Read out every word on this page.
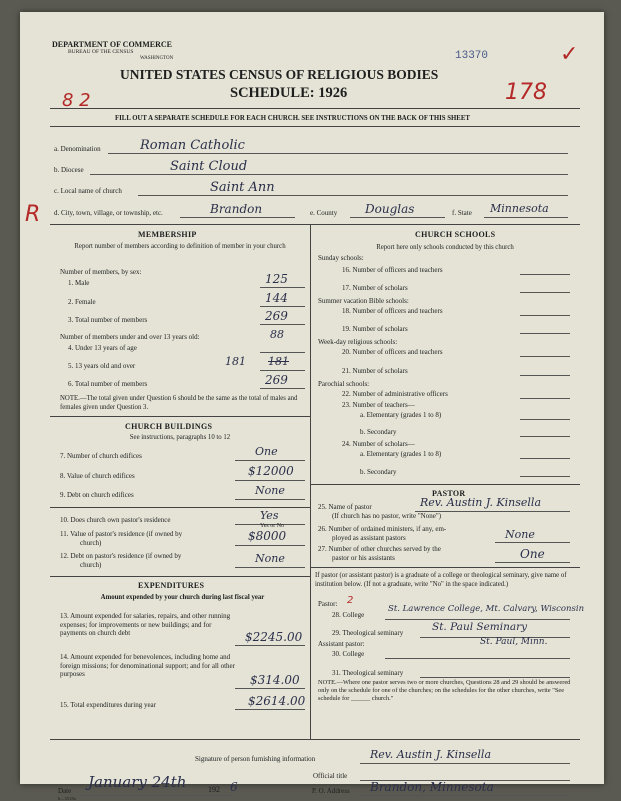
DEPARTMENT OF COMMERCE
BUREAU OF THE CENSUS
WASHINGTON	13370	✓
UNITED STATES CENSUS OF RELIGIOUS BODIES
SCHEDULE: 1926
8 2	178
FILL OUT A SEPARATE SCHEDULE FOR EACH CHURCH. SEE INSTRUCTIONS ON THE BACK OF THIS SHEET
a. Denomination	Roman Catholic
b. Diocese	Saint Cloud
c. Local name of church	Saint Ann
R d. City, town, village, or township, etc.	Brandon	e. County Douglas	f. State Minnesota
MEMBERSHIP
Report number of members according to definition of member in your church
Number of members, by sex:
1. Male	125
2. Female	144
3. Total number of members	269
Number of members under and over 13 years old:	88
4. Under 13 years of age
5. 13 years old and over	181 181
6. Total number of members	269
NOTE.—The total given under Question 6 should be the same as the total of males and females given under Question 3.
CHURCH BUILDINGS
See instructions, paragraphs 10 to 12
7. Number of church edifices	One
8. Value of church edifices	$12000
9. Debt on church edifices	None
10. Does church own pastor's residence	Yes
11. Value of pastor's residence (if owned by
church)
Yes or No
$8000
12. Debt on pastor's residence (if owned by
church)	None
EXPENDITURES
Amount expended by your church during last fiscal year
13. Amount expended for salaries, repairs, and other running expenses; for improvements or new buildings; and for payments on church debt	$2245.00
14. Amount expended for benevolences, including home and foreign missions; for denominational support; and for all other purposes	$314.00
15. Total expenditures during year	$2614.00
CHURCH SCHOOLS
Report here only schools conducted by this church
Sunday schools:
16. Number of officers and teachers
17. Number of scholars
Summer vacation Bible schools:
18. Number of officers and teachers
19. Number of scholars
Week-day religious schools:
20. Number of officers and teachers
21. Number of scholars
Parochial schools:
22. Number of administrative officers
23. Number of teachers—
a. Elementary (grades 1 to 8)
b. Secondary
24. Number of scholars—
a. Elementary (grades 1 to 8)
b. Secondary
PASTOR
25. Name of pastor	Rev. Austin J. Kinsella
(If church has no pastor, write "None")
26. Number of ordained ministers, if any, em-
ployed as assistant pastors	None
27. Number of other churches served by the
pastor or his assistants	One
If pastor (or assistant pastor) is a graduate of a college or theological seminary, give name of institution below. (If not a graduate, write "No" in the space indicated.)
Pastor: 2
28. College
St. Lawrence College, Mt. Calvary, Wisconsin
29. Theological seminary	St. Paul Seminary
St. Paul, Minn.
Assistant pastor:
30. College
31. Theological seminary
NOTE.—Where one pastor serves two or more churches, Questions 28 and 29 should be answered only on the schedule for one of the churches; on the schedules for the other churches, write "See schedule for ______ church."
Signature of person furnishing information	Rev. Austin J. Kinsella
Official title
Date January 24th	192 6	P. O. Address Brandon, Minnesota
6—5518a
